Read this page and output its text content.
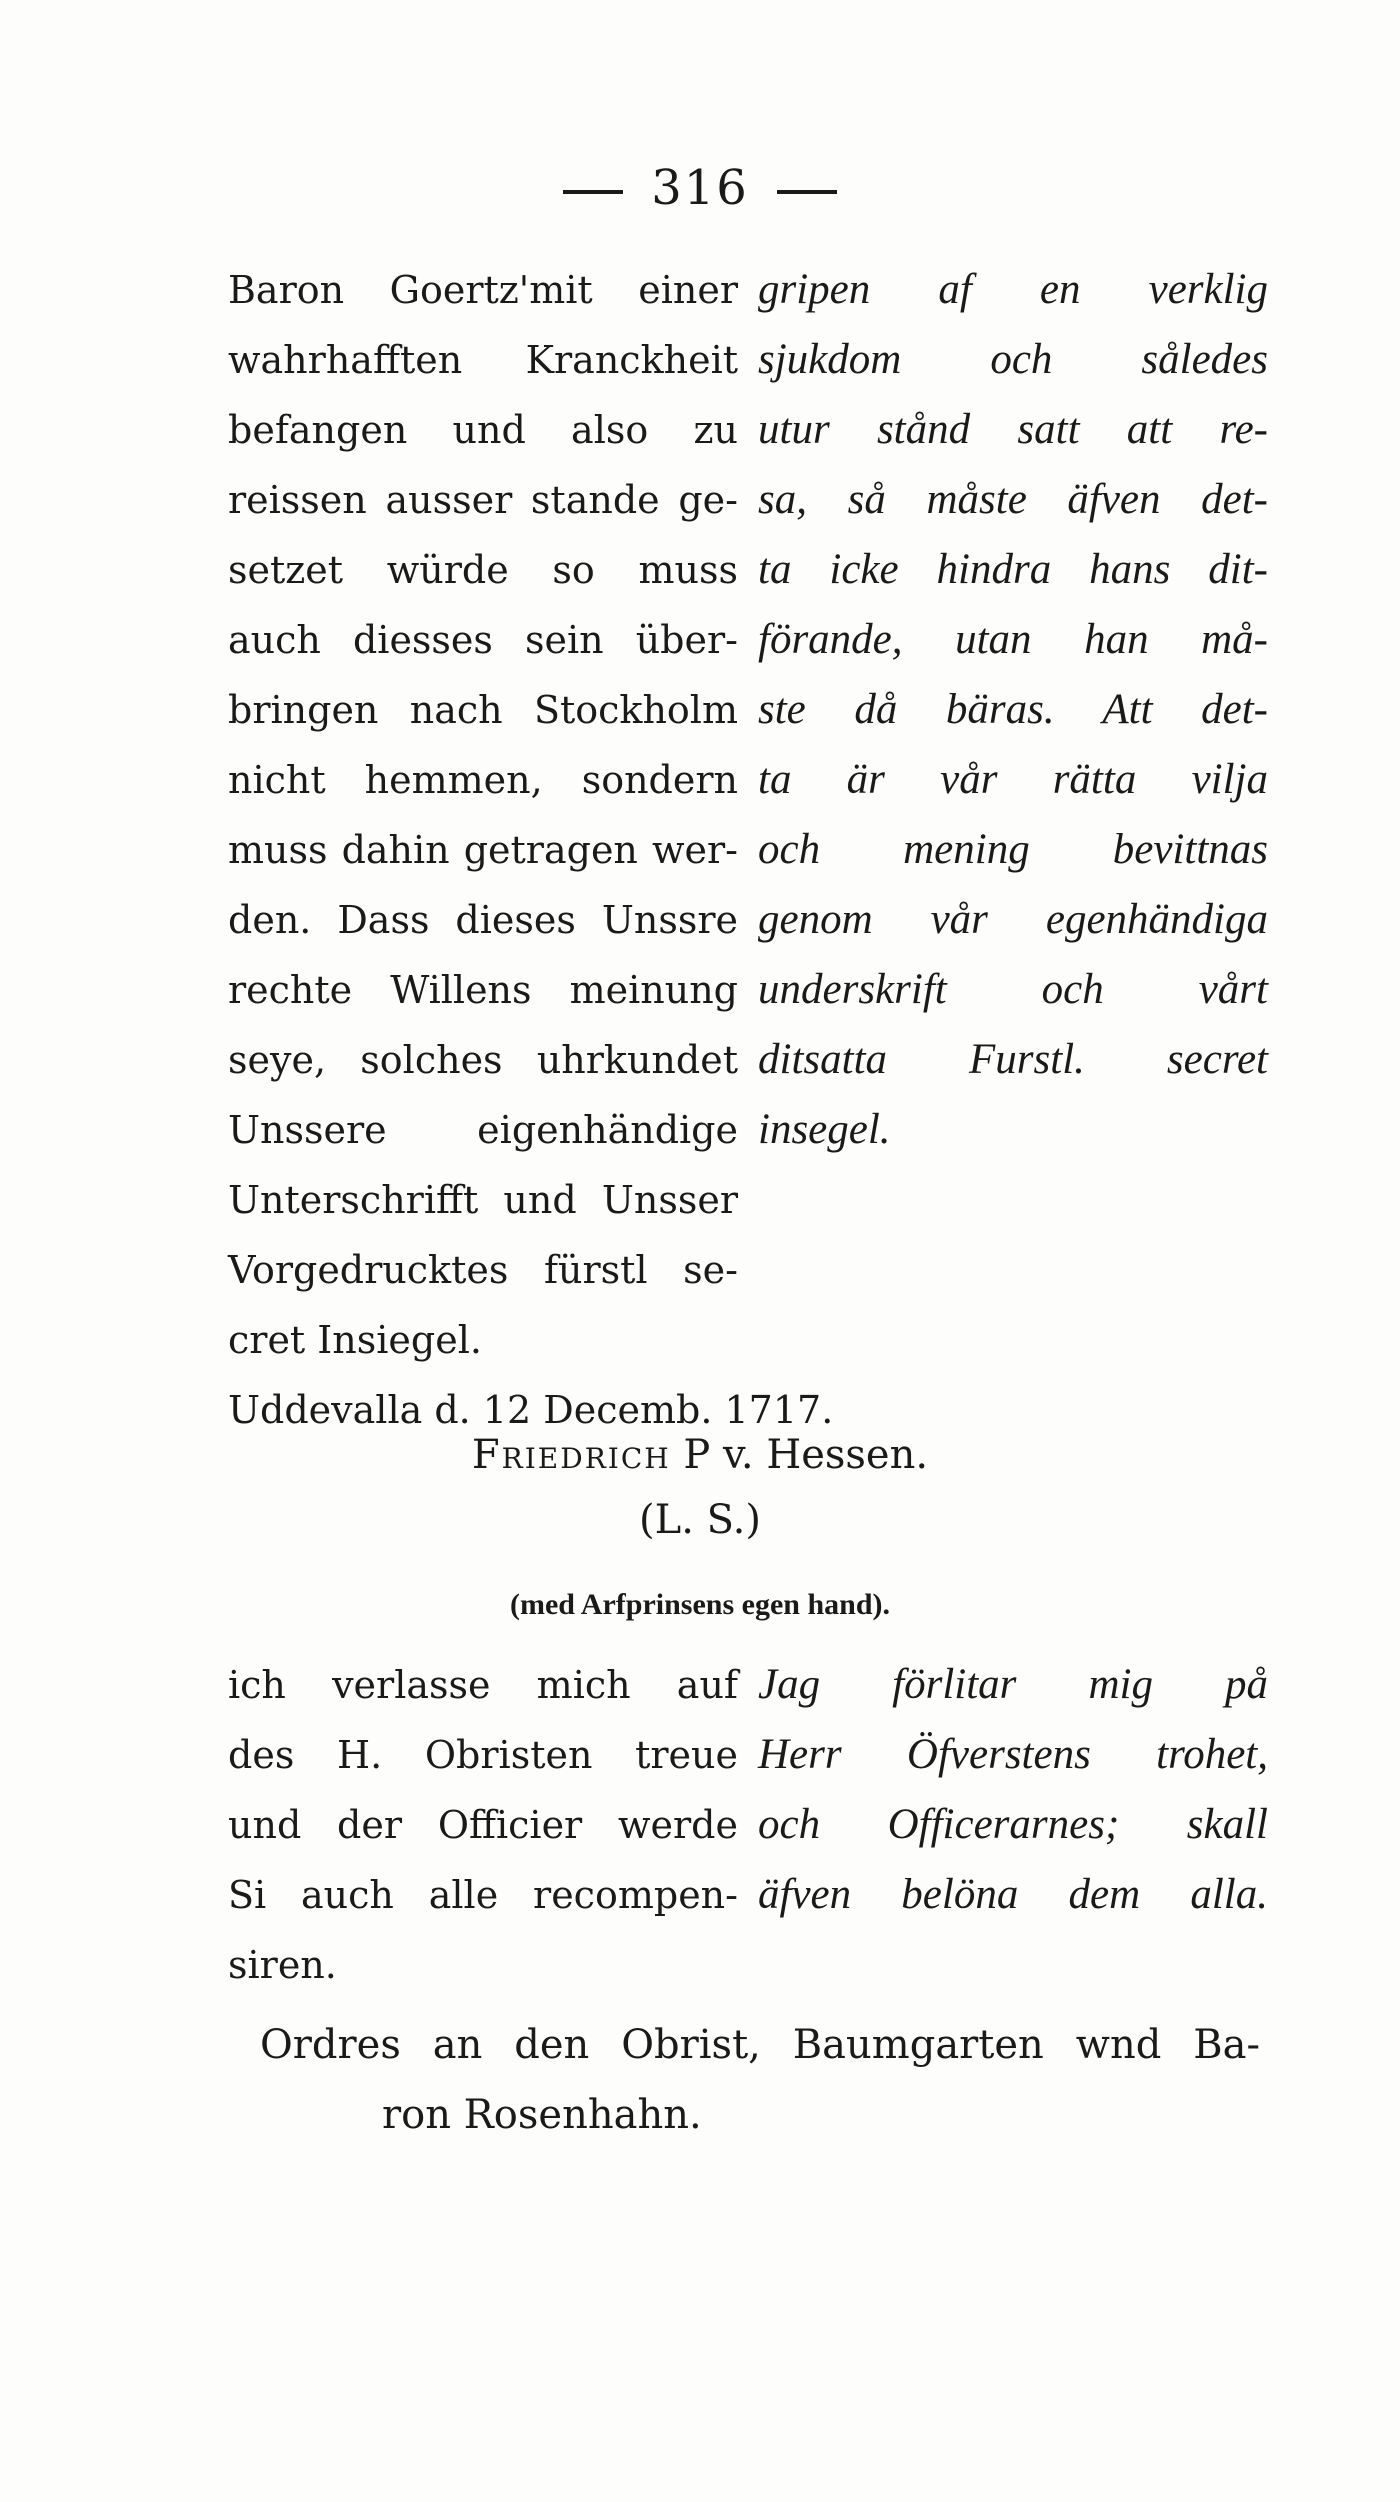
316
Baron Goertz'mit einer gripen af en verklig
wahrhafften Kranckheit sjukdom och således
befangen und also zu utur stånd satt att re-
reissen ausser stande ge- sa, så måste äfven det-
setzet würde so muss ta icke hindra hans dit-
auch diesses sein über- förande, utan han må-
bringen nach Stockholm ste då bäras. Att det-
nicht hemmen, sondern ta är vår rätta vilja
muss dahin getragen wer- och mening bevittnas
den. Dass dieses Unssre genom vår egenhändiga
rechte Willens meinung underskrift och vårt
seye, solches uhrkundet ditsatta Furstl. secret
Unssere eigenhändige insegel.
Unterschrifft und Unsser
Vorgedrucktes fürstl se-
cret Insiegel.
Uddevalla d. 12 Decemb. 1717.
Friedrich P v. Hessen.
(L. S.)
(med Arfprinsens egen hand).
ich verlasse mich auf Jag förlitar mig på
des H. Obristen treue Herr Öfverstens trohet,
und der Officier werde och Officerarnes; skall
Si auch alle recompen- äfven belöna dem alla.
siren.
Ordres an den Obrist, Baumgarten wnd Ba-
ron Rosenhahn.
